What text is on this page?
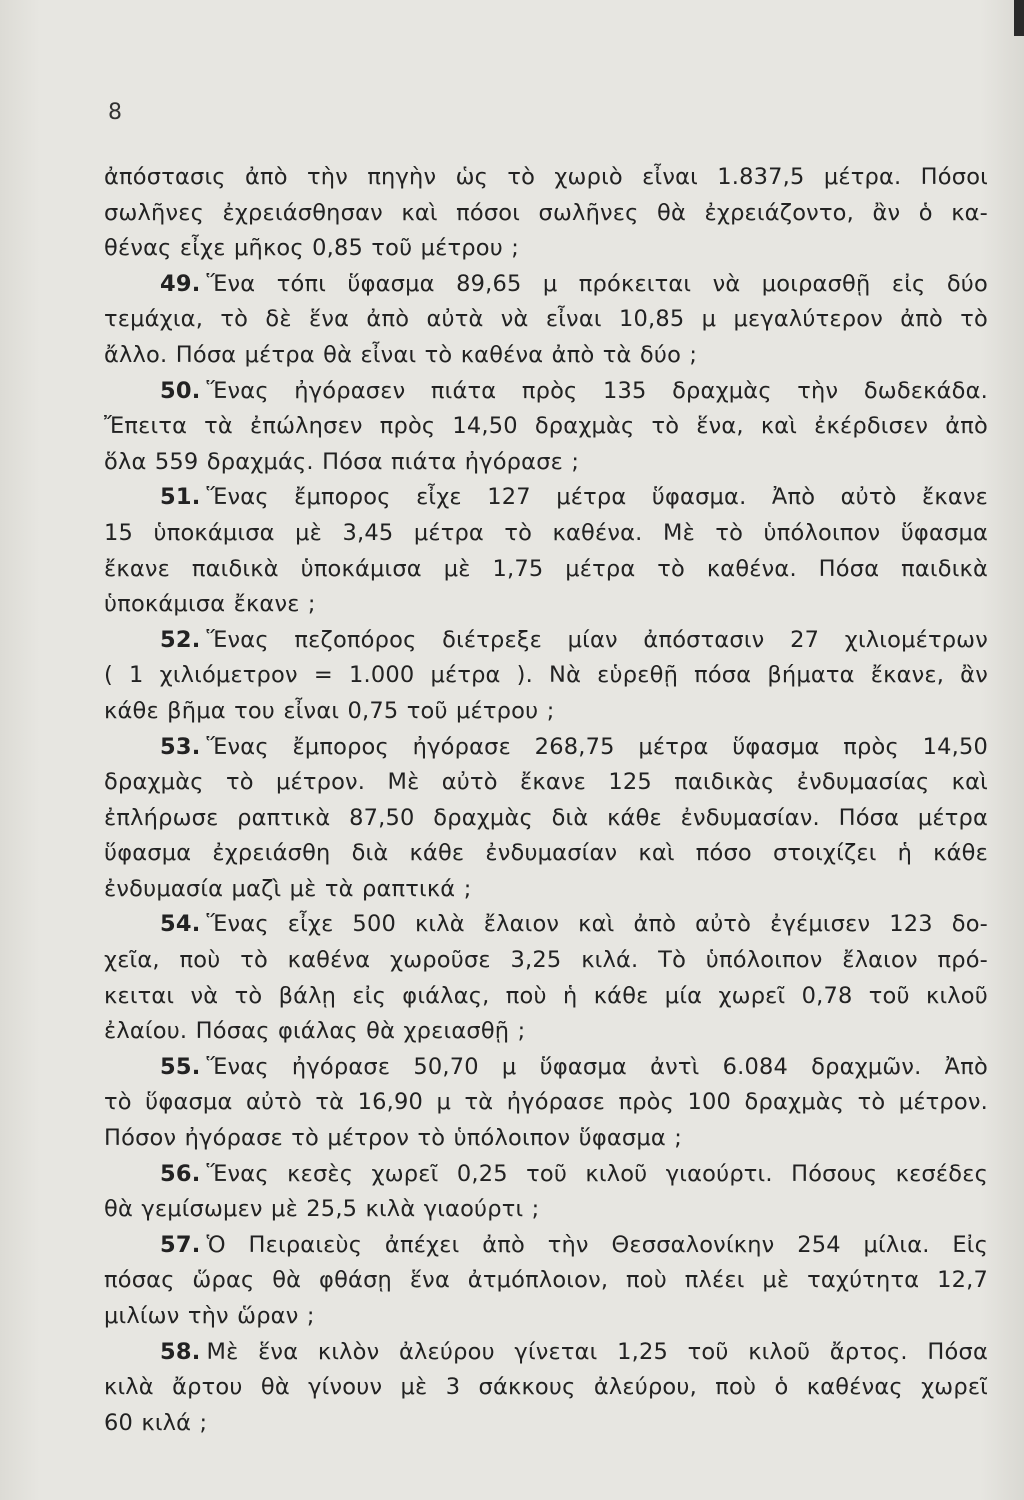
8
ἀπόστασις ἀπὸ τὴν πηγὴν ὡς τὸ χωριὸ εἶναι 1.837,5 μέτρα. Πόσοι
σωλῆνες ἐχρειάσθησαν καὶ πόσοι σωλῆνες θὰ ἐχρειάζοντο, ἂν ὁ κα-
θένας εἶχε μῆκος 0,85 τοῦ μέτρου ;
49. Ἕνα τόπι ὕφασμα 89,65 μ πρόκειται νὰ μοιρασθῇ εἰς δύο
τεμάχια, τὸ δὲ ἕνα ἀπὸ αὐτὰ νὰ εἶναι 10,85 μ μεγαλύτερον ἀπὸ τὸ
ἄλλο. Πόσα μέτρα θὰ εἶναι τὸ καθένα ἀπὸ τὰ δύο ;
50. Ἕνας ἠγόρασεν πιάτα πρὸς 135 δραχμὰς τὴν δωδεκάδα.
Ἔπειτα τὰ ἐπώλησεν πρὸς 14,50 δραχμὰς τὸ ἕνα, καὶ ἐκέρδισεν ἀπὸ
ὅλα 559 δραχμάς. Πόσα πιάτα ἠγόρασε ;
51. Ἕνας ἔμπορος εἶχε 127 μέτρα ὕφασμα. Ἀπὸ αὐτὸ ἔκανε
15 ὑποκάμισα μὲ 3,45 μέτρα τὸ καθένα. Μὲ τὸ ὑπόλοιπον ὕφασμα
ἔκανε παιδικὰ ὑποκάμισα μὲ 1,75 μέτρα τὸ καθένα. Πόσα παιδικὰ
ὑποκάμισα ἔκανε ;
52. Ἕνας πεζοπόρος διέτρεξε μίαν ἀπόστασιν 27 χιλιομέτρων
( 1 χιλιόμετρον = 1.000 μέτρα ). Νὰ εὑρεθῇ πόσα βήματα ἔκανε, ἂν
κάθε βῆμα του εἶναι 0,75 τοῦ μέτρου ;
53. Ἕνας ἔμπορος ἠγόρασε 268,75 μέτρα ὕφασμα πρὸς 14,50
δραχμὰς τὸ μέτρον. Μὲ αὐτὸ ἔκανε 125 παιδικὰς ἐνδυμασίας καὶ
ἐπλήρωσε ραπτικὰ 87,50 δραχμὰς διὰ κάθε ἐνδυμασίαν. Πόσα μέτρα
ὕφασμα ἐχρειάσθη διὰ κάθε ἐνδυμασίαν καὶ πόσο στοιχίζει ἡ κάθε
ἐνδυμασία μαζὶ μὲ τὰ ραπτικά ;
54. Ἕνας εἶχε 500 κιλὰ ἔλαιον καὶ ἀπὸ αὐτὸ ἐγέμισεν 123 δο-
χεῖα, ποὺ τὸ καθένα χωροῦσε 3,25 κιλά. Τὸ ὑπόλοιπον ἔλαιον πρό-
κειται νὰ τὸ βάλῃ εἰς φιάλας, ποὺ ἡ κάθε μία χωρεῖ 0,78 τοῦ κιλοῦ
ἐλαίου. Πόσας φιάλας θὰ χρειασθῇ ;
55. Ἕνας ἠγόρασε 50,70 μ ὕφασμα ἀντὶ 6.084 δραχμῶν. Ἀπὸ
τὸ ὕφασμα αὐτὸ τὰ 16,90 μ τὰ ἠγόρασε πρὸς 100 δραχμὰς τὸ μέτρον.
Πόσον ἠγόρασε τὸ μέτρον τὸ ὑπόλοιπον ὕφασμα ;
56. Ἕνας κεσὲς χωρεῖ 0,25 τοῦ κιλοῦ γιαούρτι. Πόσους κεσέδες
θὰ γεμίσωμεν μὲ 25,5 κιλὰ γιαούρτι ;
57. Ὁ Πειραιεὺς ἀπέχει ἀπὸ τὴν Θεσσαλονίκην 254 μίλια. Εἰς
πόσας ὥρας θὰ φθάσῃ ἕνα ἀτμόπλοιον, ποὺ πλέει μὲ ταχύτητα 12,7
μιλίων τὴν ὥραν ;
58. Μὲ ἕνα κιλὸν ἀλεύρου γίνεται 1,25 τοῦ κιλοῦ ἄρτος. Πόσα
κιλὰ ἄρτου θὰ γίνουν μὲ 3 σάκκους ἀλεύρου, ποὺ ὁ καθένας χωρεῖ
60 κιλά ;
